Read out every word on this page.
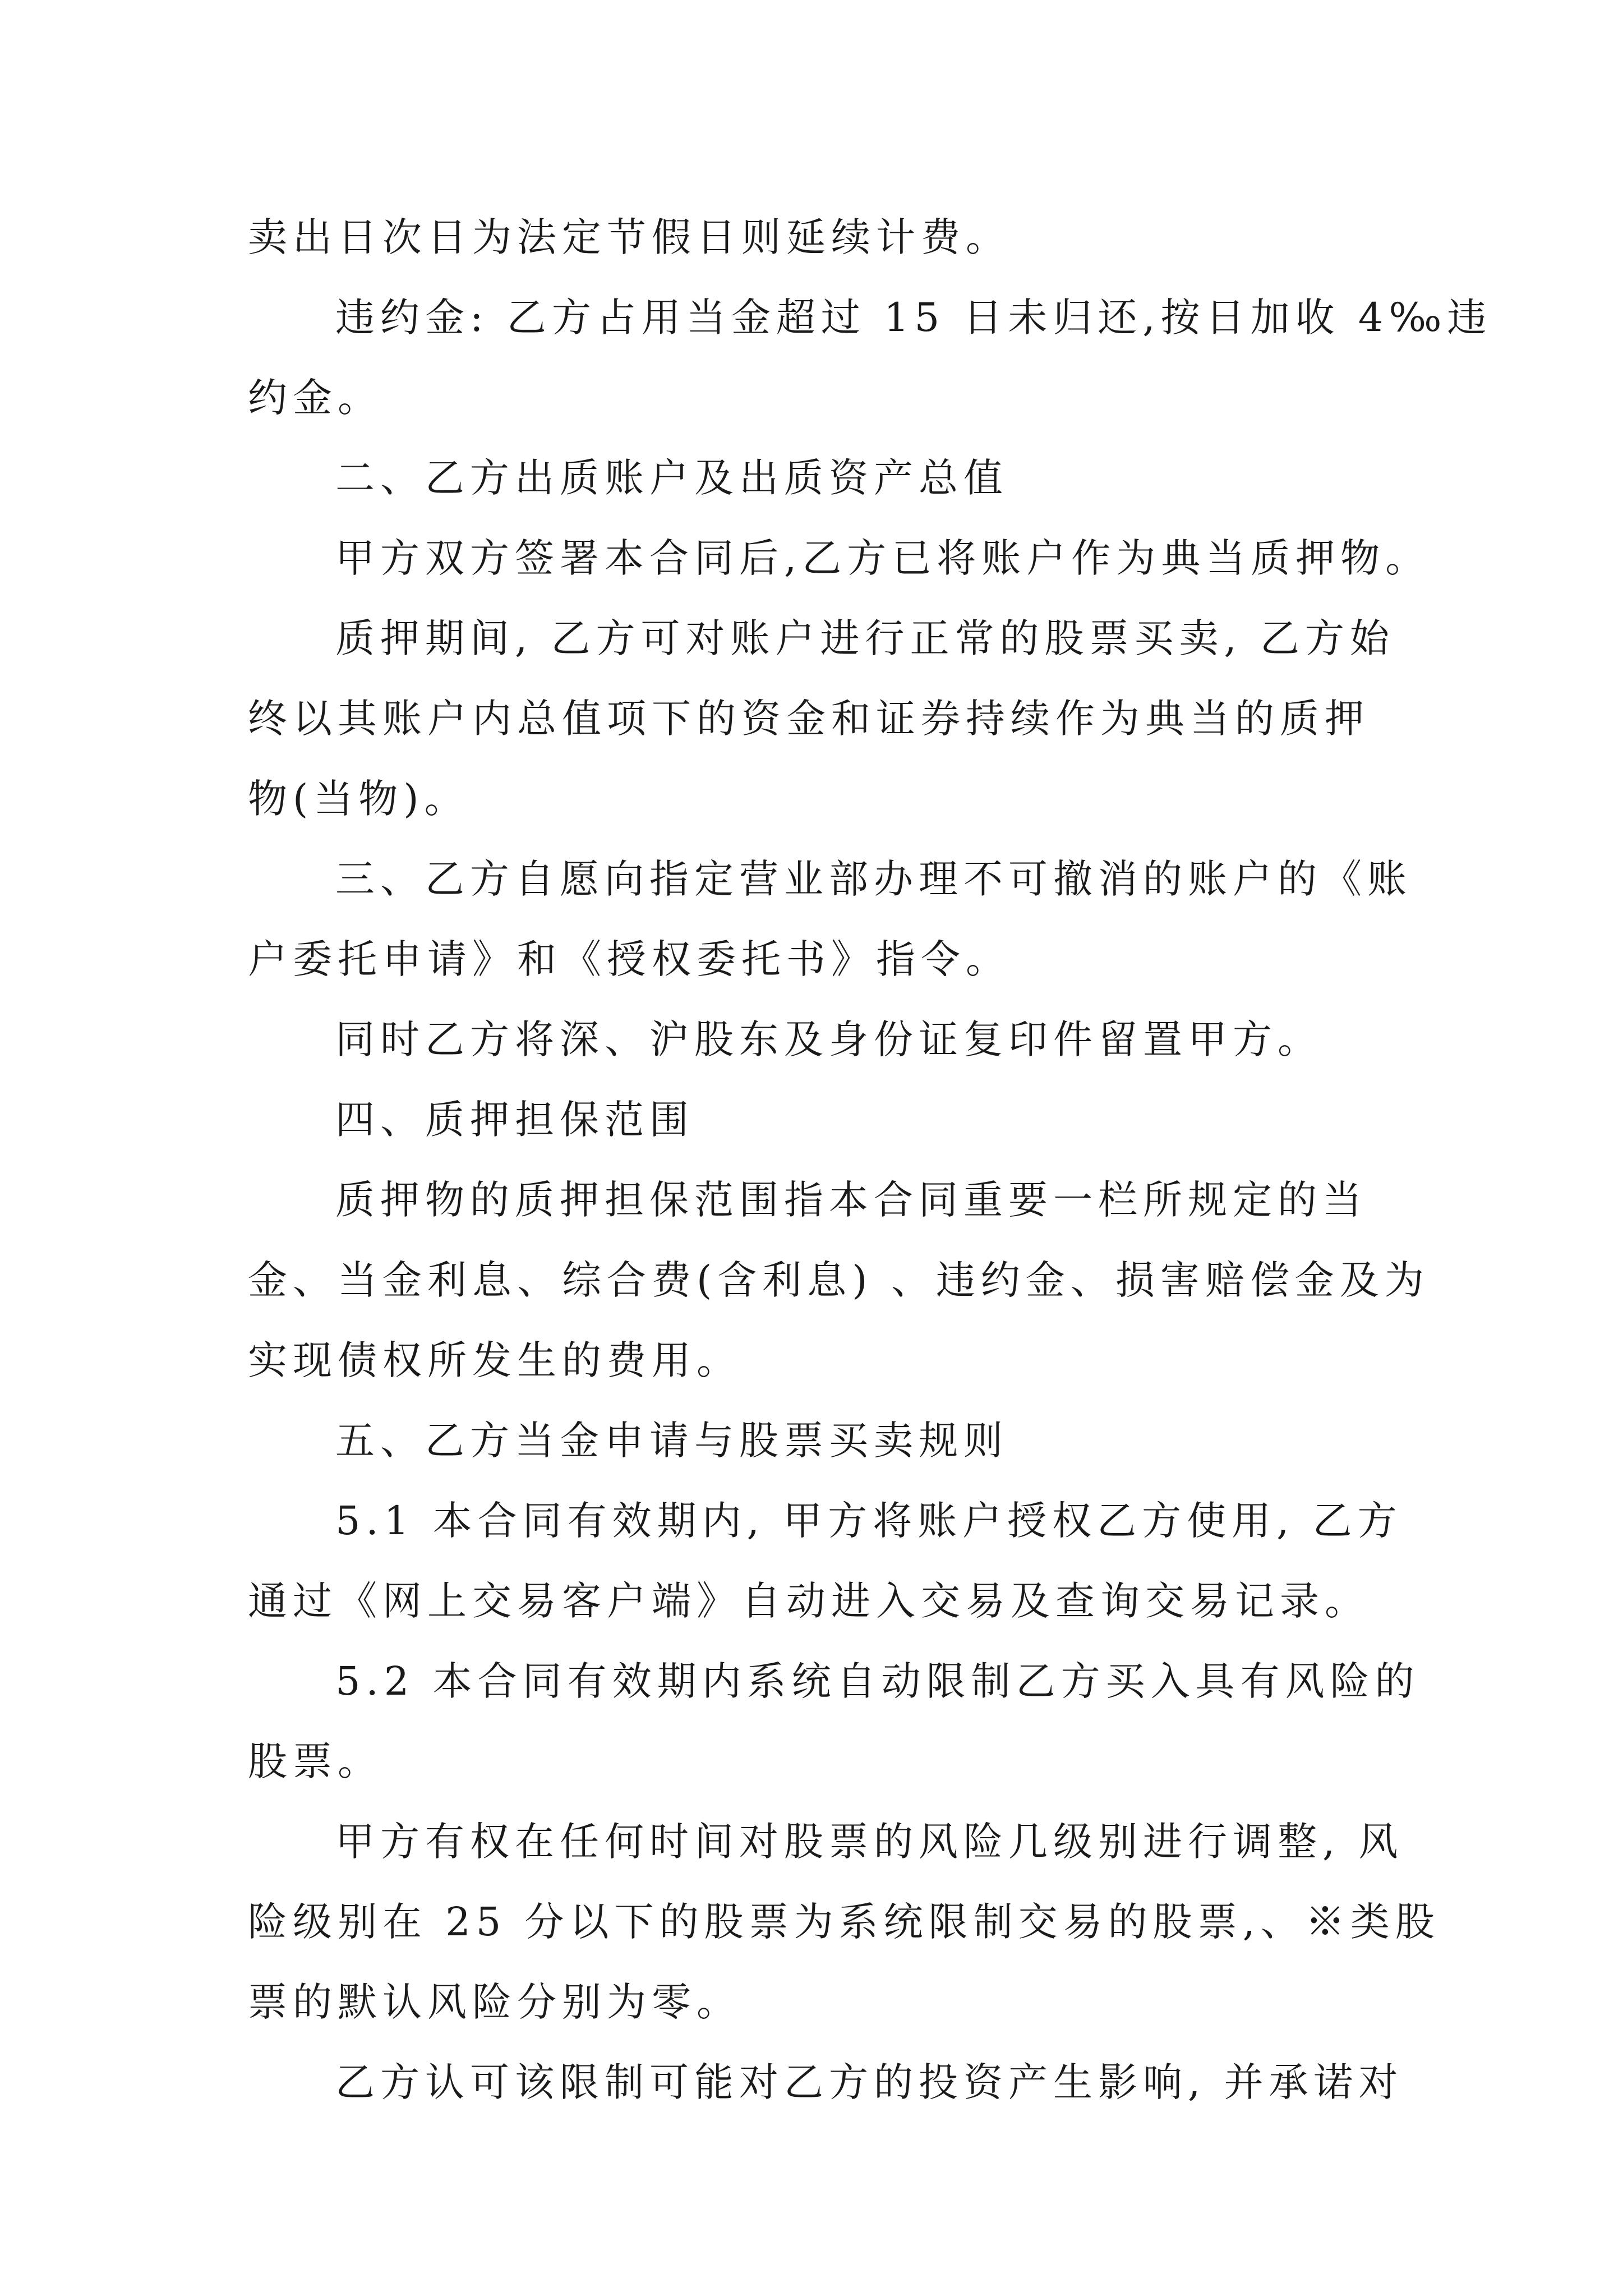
卖出日次日为法定节假日则延续计费。
违约金: 乙方占用当金超过 15 日未归还,按日加收 4‰违
约金。
二、乙方出质账户及出质资产总值
甲方双方签署本合同后,乙方已将账户作为典当质押物。
质押期间, 乙方可对账户进行正常的股票买卖, 乙方始
终以其账户内总值项下的资金和证券持续作为典当的质押
物(当物)。
三、乙方自愿向指定营业部办理不可撤消的账户的《账
户委托申请》和《授权委托书》指令。
同时乙方将深、沪股东及身份证复印件留置甲方。
四、质押担保范围
质押物的质押担保范围指本合同重要一栏所规定的当
金、当金利息、综合费(含利息) 、违约金、损害赔偿金及为
实现债权所发生的费用。
五、乙方当金申请与股票买卖规则
5.1 本合同有效期内, 甲方将账户授权乙方使用, 乙方
通过《网上交易客户端》自动进入交易及查询交易记录。
5.2 本合同有效期内系统自动限制乙方买入具有风险的
股票。
甲方有权在任何时间对股票的风险几级别进行调整, 风
险级别在 25 分以下的股票为系统限制交易的股票,、※类股
票的默认风险分别为零。
乙方认可该限制可能对乙方的投资产生影响, 并承诺对
